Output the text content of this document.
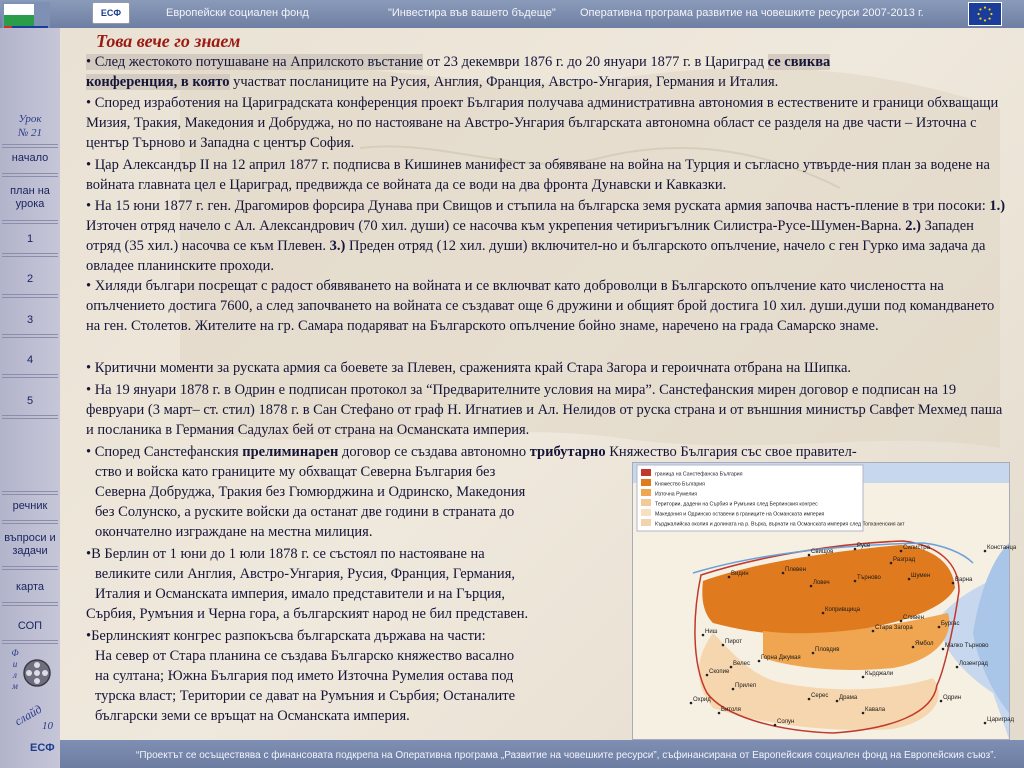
ЕСФ	Европейски социален фонд	"Инвестира във вашето бъдеще" Оперативна програма развитие на човешките ресурси 2007-2013 г.
Урок
№ 21
начало
план на урока
1
2
3
4
5
речник
въпроси и задачи
карта
СОП
Ф и л м
слайд
10
ЕСФ
Това вече го знаем
• След жестокото потушаване на Априлското въстание от 23 декември 1876 г. до 20 януари 1877 г. в Цариград се свиква
конференция, в която участват посланиците на Русия, Англия, Франция, Австро-Унгария, Германия и Италия.
• Според изработения на Цариградската конференция проект България получава административна автономия в естествените и граници обхващащи Мизия, Тракия, Македония и Добруджа, но по настояване на Австро-Унгария българската автономна област се разделя на две части – Източна с център Търново и Западна с център София.
• Цар Александър II на 12 април 1877 г. подписва в Кишинев манифест за обявяване на война на Турция и съгласно утвърде-ния план за водене на войната главната цел е Цариград, предвижда се войната да се води на два фронта Дунавски и Кавказки.
• На 15 юни 1877 г. ген. Драгомиров форсира Дунава при Свищов и стъпила на българска земя руската армия започва настъ-пление в три посоки: 1.) Източен отряд начело с Ал. Александрович (70 хил. души) се насочва към укрепения четириъгълник Силистра-Русе-Шумен-Варна. 2.) Западен отряд (35 хил.) насочва се към Плевен. 3.) Преден отряд (12 хил. души) включител-но и българското опълчение, начело с ген Гурко има задача да овладее планинските проходи.
• Хиляди българи посрещат с радост обявяването на войната и се включват като доброволци в Българското опълчение като числеността на опълчението достига 7600, а след започването на войната се създават още 6 дружини и общият брой достига 10 хил. души.души под командването на ген. Столетов. Жителите на гр. Самара подаряват на Българското опълчение бойно знаме, наречено на града Самарско знаме.
• Критични моменти за руската армия са боевете за Плевен, сраженията край Стара Загора и героичната отбрана на Шипка.
• На 19 януари 1878 г. в Одрин е подписан протокол за “Предварителните условия на мира”. Санстефанския мирен договор е подписан на 19 февруари (3 март– ст. стил) 1878 г. в Сан Стефано от граф Н. Игнатиев и Ал. Нелидов от руска страна и от външния министър Савфет Мехмед паша и посланика в Германия Садулах бей от страна на Османската империя.
• Според Санстефанския прелиминарен договор се създава автономно трибутарно Княжество България със свое правител-
ство и войска като границите му обхващат Северна България без
Северна Добруджа, Тракия без Гюмюрджина и Одринско, Македония
без Солунско, а руските войски да останат две години в страната до
окончателно изграждане на местна милиция.
•В Берлин от 1 юни до 1 юли 1878 г. се състоял по настояване на
великите сили Англия, Австро-Унгария, Русия, Франция, Германия,
Италия и Османската империя, имало представители и на Гърция,
Сърбия, Румъния и Черна гора, а българският народ не бил представен.
•Берлинският конгрес разпокъсва българската държава на части:
На север от Стара планина се създава Българско княжество васално
на султана; Южна България под името Източна Румелия остава под
турска власт; Територии се дават на Румъния и Сърбия; Останалите
български земи се връщат на Османската империя.
граница на Санстефанска България
Княжество България
Източна Румелия
Територии, дадени на Сърбия и Румъния след Берлинския конгрес
Македония и Одринско оставени в границите на Османската империя
Кърджалийска околия и долината на р. Върха, върнати на Османската империя след Топханенския акт
Силистра
Русе
Свищов
Търново
Ловеч
Плевен
Видин
Варна
Шумен
Разград
Констанца
Бургас
Стара Загора
Пловдив
Ямбол
Сливен
Ниш
Пирот
Скопие
Охрид
Битоля
Солун
Серес
Кавала
Драма	Одрин
Цариград
Кърджали
Горна Джумая
Малко Търново
Лозенград
Прилеп
Велес
Копривщица
“Проектът се осъществява с финансовата подкрепа на Оперативна програма „Развитие на човешките ресурси”, съфинансирана от Европейския социален фонд на Европейския съюз”.
